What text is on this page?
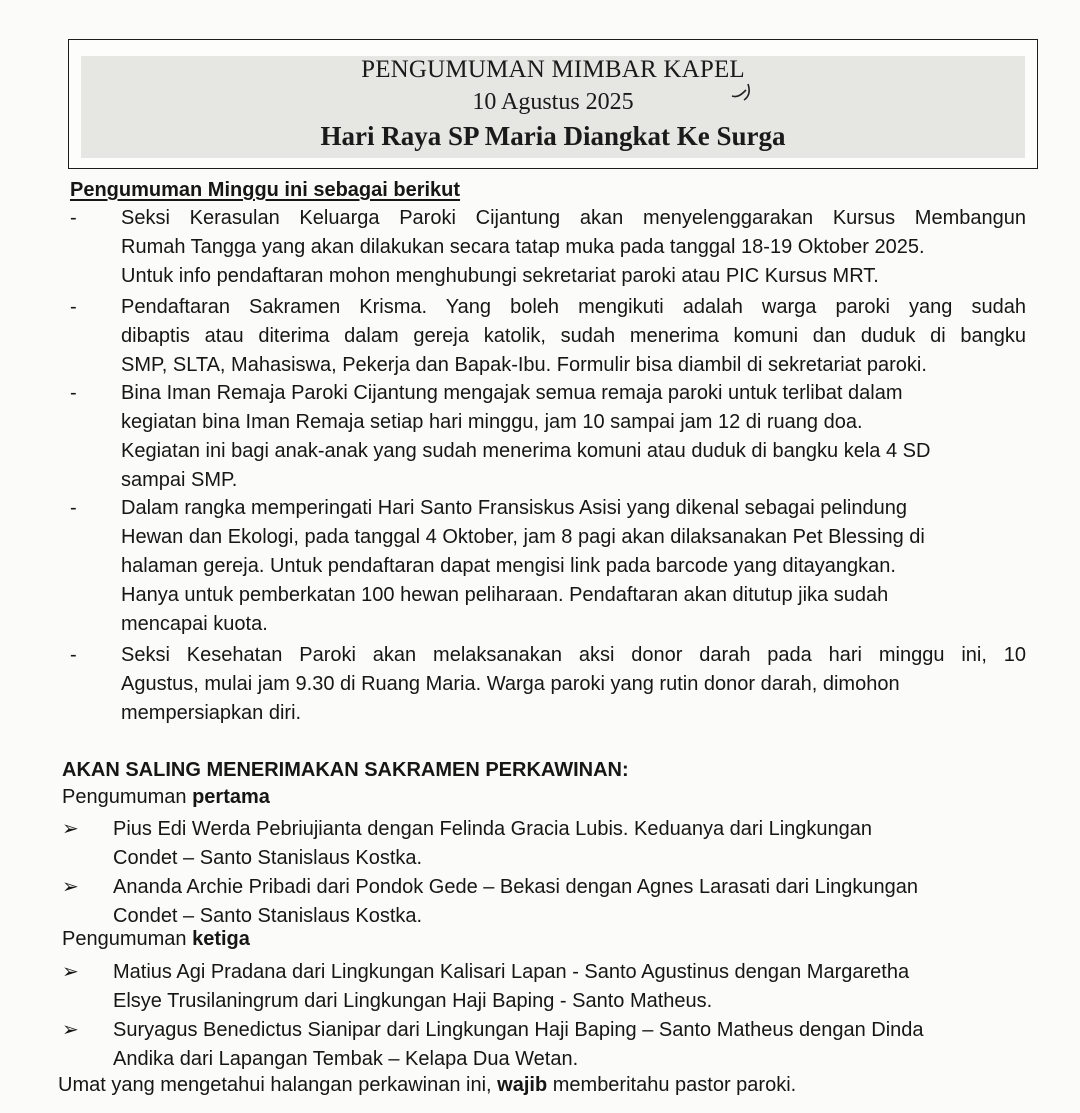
PENGUMUMAN MIMBAR KAPEL
10 Agustus 2025
Hari Raya SP Maria Diangkat Ke Surga
Pengumuman Minggu ini sebagai berikut
- Seksi Kerasulan Keluarga Paroki Cijantung akan menyelenggarakan Kursus Membangun
Rumah Tangga yang akan dilakukan secara tatap muka pada tanggal 18-19 Oktober 2025.
Untuk info pendaftaran mohon menghubungi sekretariat paroki atau PIC Kursus MRT.
- Pendaftaran Sakramen Krisma. Yang boleh mengikuti adalah warga paroki yang sudah
dibaptis atau diterima dalam gereja katolik, sudah menerima komuni dan duduk di bangku
SMP, SLTA, Mahasiswa, Pekerja dan Bapak-Ibu. Formulir bisa diambil di sekretariat paroki.
- Bina Iman Remaja Paroki Cijantung mengajak semua remaja paroki untuk terlibat dalam
kegiatan bina Iman Remaja setiap hari minggu, jam 10 sampai jam 12 di ruang doa.
Kegiatan ini bagi anak-anak yang sudah menerima komuni atau duduk di bangku kela 4 SD
sampai SMP.
- Dalam rangka memperingati Hari Santo Fransiskus Asisi yang dikenal sebagai pelindung
Hewan dan Ekologi, pada tanggal 4 Oktober, jam 8 pagi akan dilaksanakan Pet Blessing di
halaman gereja. Untuk pendaftaran dapat mengisi link pada barcode yang ditayangkan.
Hanya untuk pemberkatan 100 hewan peliharaan. Pendaftaran akan ditutup jika sudah
mencapai kuota.
- Seksi Kesehatan Paroki akan melaksanakan aksi donor darah pada hari minggu ini, 10
Agustus, mulai jam 9.30 di Ruang Maria. Warga paroki yang rutin donor darah, dimohon
mempersiapkan diri.
AKAN SALING MENERIMAKAN SAKRAMEN PERKAWINAN:
Pengumuman pertama
➢ Pius Edi Werda Pebriujianta dengan Felinda Gracia Lubis. Keduanya dari Lingkungan
Condet – Santo Stanislaus Kostka.
➢ Ananda Archie Pribadi dari Pondok Gede – Bekasi dengan Agnes Larasati dari Lingkungan
Condet – Santo Stanislaus Kostka.
Pengumuman ketiga
➢ Matius Agi Pradana dari Lingkungan Kalisari Lapan - Santo Agustinus dengan Margaretha
Elsye Trusilaningrum dari Lingkungan Haji Baping - Santo Matheus.
➢ Suryagus Benedictus Sianipar dari Lingkungan Haji Baping – Santo Matheus dengan Dinda
Andika dari Lapangan Tembak – Kelapa Dua Wetan.
Umat yang mengetahui halangan perkawinan ini, wajib memberitahu pastor paroki.
